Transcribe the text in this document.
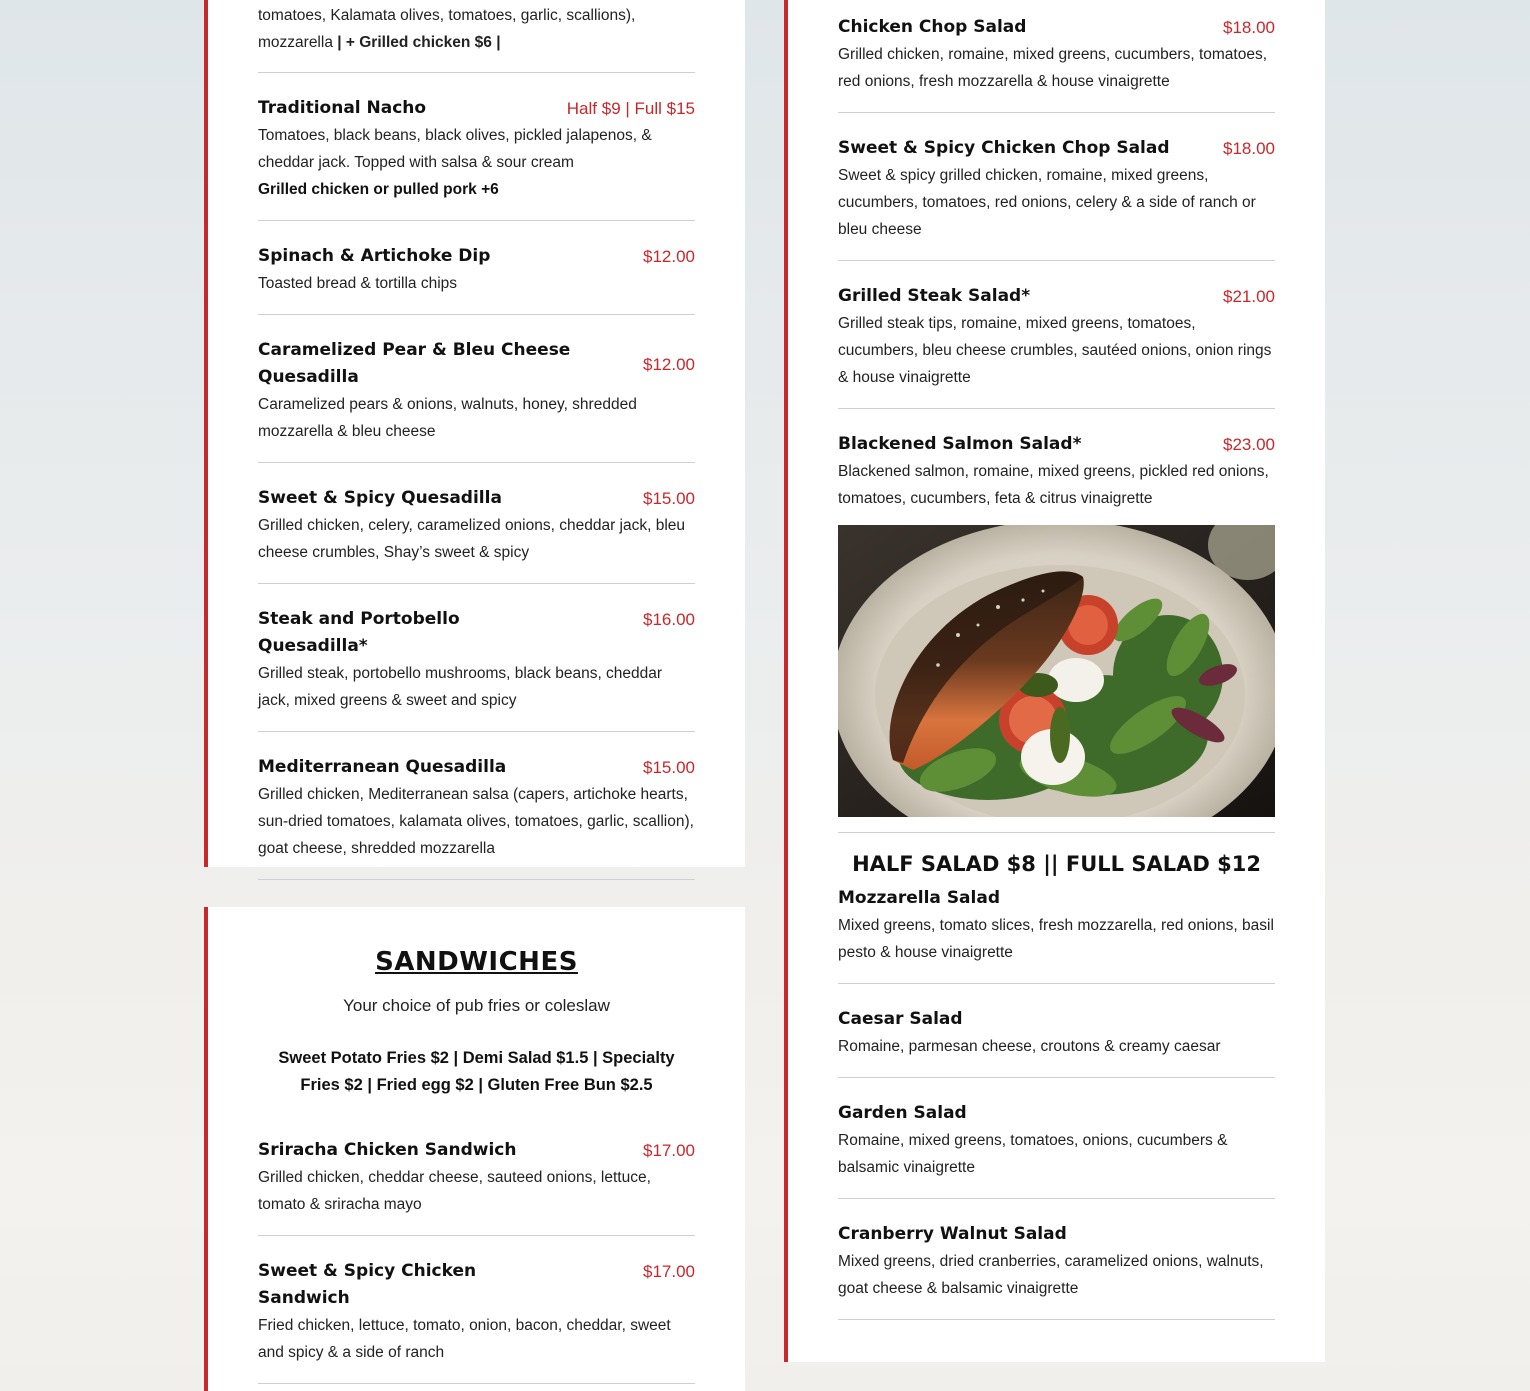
tomatoes, Kalamata olives, tomatoes, garlic, scallions),

mozzarella | + Grilled chicken $6 |

Traditional Nacho	Half $9 | Full $15

Tomatoes, black beans, black olives, pickled jalapenos, & cheddar jack. Topped with salsa & sour cream

Grilled chicken or pulled pork +6

Spinach & Artichoke Dip	$12.00

Toasted bread & tortilla chips

Caramelized Pear & Bleu Cheese Quesadilla
$12.00

Caramelized pears & onions, walnuts, honey, shredded mozzarella & bleu cheese

Sweet & Spicy Quesadilla	$15.00

Grilled chicken, celery, caramelized onions, cheddar jack, bleu cheese crumbles, Shay’s sweet & spicy

Steak and Portobello Quesadilla*
$16.00

Grilled steak, portobello mushrooms, black beans, cheddar jack, mixed greens & sweet and spicy

Mediterranean Quesadilla	$15.00

Grilled chicken, Mediterranean salsa (capers, artichoke hearts, sun-dried tomatoes, kalamata olives, tomatoes, garlic, scallion), goat cheese, shredded mozzarella

SANDWICHES

Your choice of pub fries or coleslaw

Sweet Potato Fries $2 | Demi Salad $1.5 | Specialty Fries $2 | Fried egg $2 | Gluten Free Bun $2.5

Sriracha Chicken Sandwich	$17.00

Grilled chicken, cheddar cheese, sauteed onions, lettuce, tomato & sriracha mayo

Sweet & Spicy Chicken Sandwich
$17.00

Fried chicken, lettuce, tomato, onion, bacon, cheddar, sweet and spicy & a side of ranch

Chicken Chop Salad	$18.00

Grilled chicken, romaine, mixed greens, cucumbers, tomatoes, red onions, fresh mozzarella & house vinaigrette

Sweet & Spicy Chicken Chop Salad	$18.00

Sweet & spicy grilled chicken, romaine, mixed greens, cucumbers, tomatoes, red onions, celery & a side of ranch or bleu cheese

Grilled Steak Salad*	$21.00

Grilled steak tips, romaine, mixed greens, tomatoes, cucumbers, bleu cheese crumbles, sautéed onions, onion rings & house vinaigrette

Blackened Salmon Salad*	$23.00

Blackened salmon, romaine, mixed greens, pickled red onions, tomatoes, cucumbers, feta & citrus vinaigrette

HALF SALAD $8 || FULL SALAD $12
Mozzarella Salad

Mixed greens, tomato slices, fresh mozzarella, red onions, basil pesto & house vinaigrette

Caesar Salad

Romaine, parmesan cheese, croutons & creamy caesar

Garden Salad

Romaine, mixed greens, tomatoes, onions, cucumbers & balsamic vinaigrette

Cranberry Walnut Salad

Mixed greens, dried cranberries, caramelized onions, walnuts, goat cheese & balsamic vinaigrette
